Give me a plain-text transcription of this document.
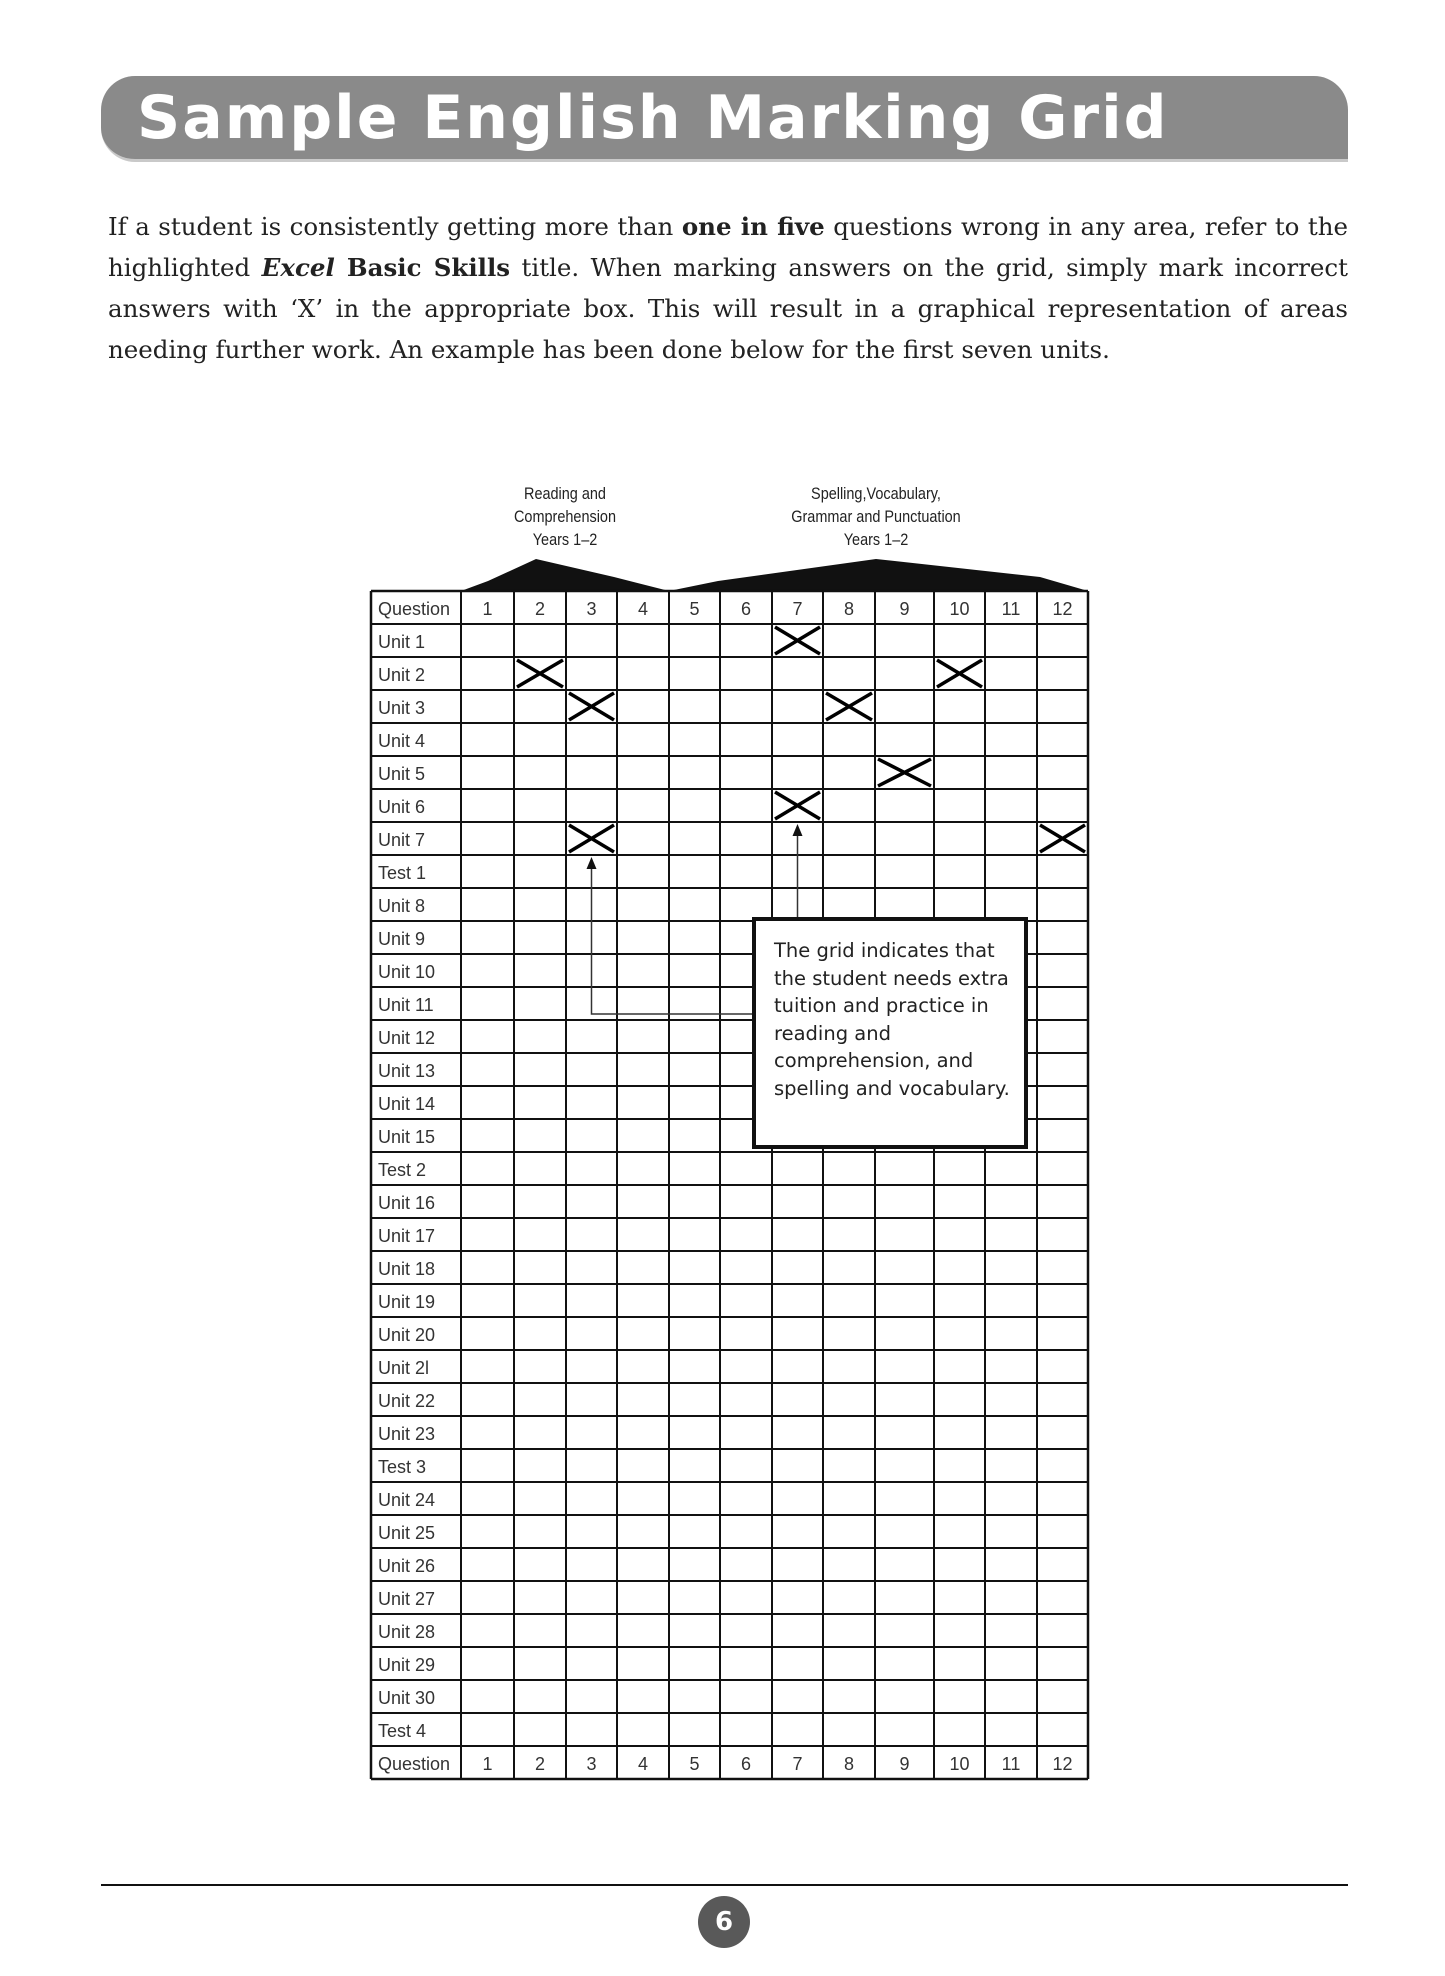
Sample English Marking Grid

If a student is consistently getting more than one in five questions wrong in any area, refer to the highlighted Excel Basic Skills title. When marking answers on the grid, simply mark incorrect answers with ‘X’ in the appropriate box. This will result in a graphical representation of areas needing further work. An example has been done below for the first seven units.

Reading and
Comprehension
Years 1–2
Spelling,Vocabulary,
Grammar and Punctuation
Years 1–2
Question 1 2 3 4 5 6 7 8	9 10 11 12
Question 1 2 3 4 5 6 7 8	9 10 11 12
Unit 1
Unit 2
Unit 3
Unit 4
Unit 5
Unit 6
Unit 7
Test 1
Unit 8
Unit 9
Unit 10
Unit 11
Unit 12
Unit 13
Unit 14
Unit 15
Test 2
Unit 16
Unit 17
Unit 18
Unit 19
Unit 20
Unit 2l
Unit 22
Unit 23
Test 3
Unit 24
Unit 25
Unit 26
Unit 27
Unit 28
Unit 29
Unit 30
Test 4
The grid indicates that the student needs extra tuition and practice in reading and comprehension, and spelling and vocabulary.
6
